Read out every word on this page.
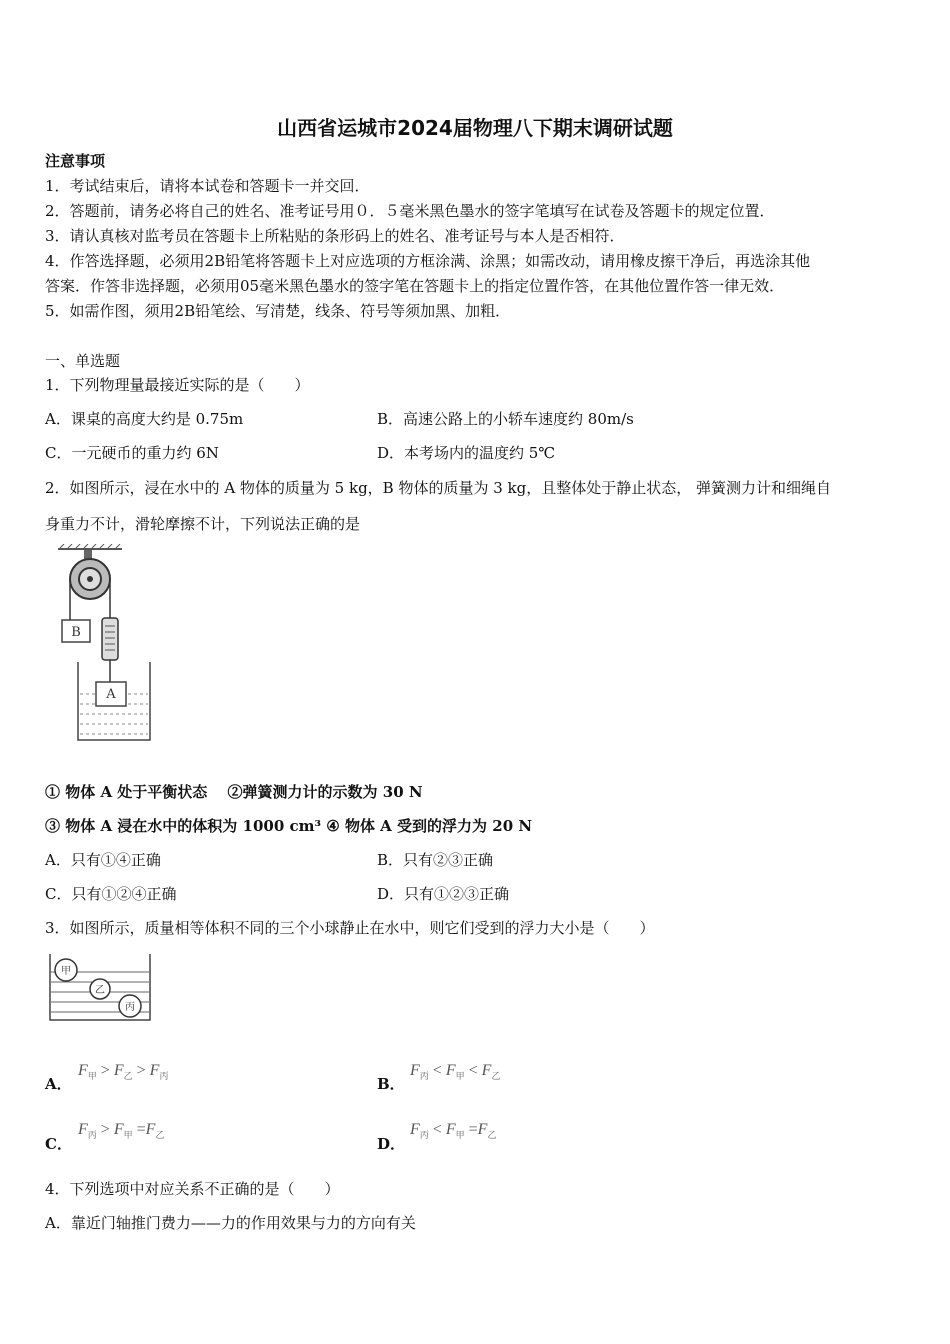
山西省运城市2024届物理八下期末调研试题
注意事项
1．考试结束后，请将本试卷和答题卡一并交回．
2．答题前，请务必将自己的姓名、准考证号用０．５毫米黑色墨水的签字笔填写在试卷及答题卡的规定位置．
3．请认真核对监考员在答题卡上所粘贴的条形码上的姓名、准考证号与本人是否相符．
4．作答选择题，必须用2B铅笔将答题卡上对应选项的方框涂满、涂黑；如需改动，请用橡皮擦干净后，再选涂其他
答案．作答非选择题，必须用05毫米黑色墨水的签字笔在答题卡上的指定位置作答，在其他位置作答一律无效．
5．如需作图，须用2B铅笔绘、写清楚，线条、符号等须加黑、加粗．
一、单选题
1．下列物理量最接近实际的是（　　）
A．课桌的高度大约是 0.75m	B．高速公路上的小轿车速度约 80m/s
C．一元硬币的重力约 6N	D．本考场内的温度约 5℃
2．如图所示，浸在水中的 A 物体的质量为 5 kg，B 物体的质量为 3 kg，且整体处于静止状态， 弹簧测力计和细绳自
身重力不计，滑轮摩擦不计，下列说法正确的是
B
A
① 物体 A 处于平衡状态　 ②弹簧测力计的示数为 30 N
③ 物体 A 浸在水中的体积为 1000 cm³ ④ 物体 A 受到的浮力为 20 N
A．只有①④正确	B．只有②③正确
C．只有①②④正确	D．只有①②③正确
3．如图所示，质量相等体积不同的三个小球静止在水中，则它们受到的浮力大小是（　　）
甲
乙
丙
A．
$F_甲 > F_乙 > F_丙$	B．
$F_丙 < F_甲 < F_乙$
C．
$F_丙 > F_甲 =F_乙$	D．
$F_丙 < F_甲 =F_乙$
4．下列选项中对应关系不正确的是（　　）
A．靠近门轴推门费力——力的作用效果与力的方向有关
